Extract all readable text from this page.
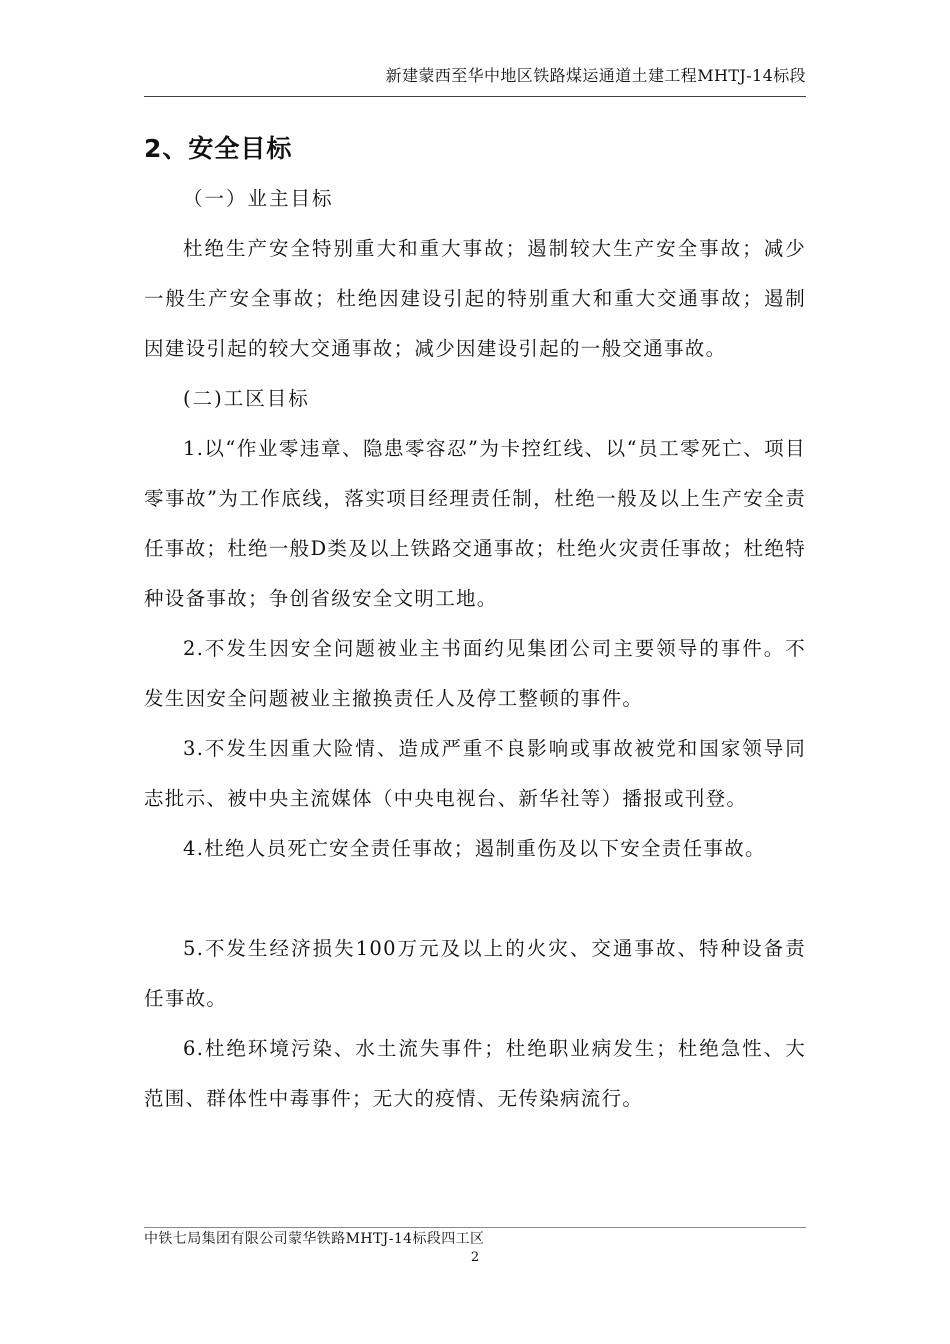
新建蒙西至华中地区铁路煤运通道土建工程MHTJ-14标段
2、安全目标

（一）业主目标

杜绝生产安全特别重大和重大事故；遏制较大生产安全事故；减少一般生产安全事故；杜绝因建设引起的特别重大和重大交通事故；遏制因建设引起的较大交通事故；减少因建设引起的一般交通事故。

(二)工区目标

1.以“作业零违章、隐患零容忍”为卡控红线、以“员工零死亡、项目零事故”为工作底线，落实项目经理责任制，杜绝一般及以上生产安全责任事故；杜绝一般D类及以上铁路交通事故；杜绝火灾责任事故；杜绝特种设备事故；争创省级安全文明工地。

2.不发生因安全问题被业主书面约见集团公司主要领导的事件。不发生因安全问题被业主撤换责任人及停工整顿的事件。

3.不发生因重大险情、造成严重不良影响或事故被党和国家领导同志批示、被中央主流媒体（中央电视台、新华社等）播报或刊登。

4.杜绝人员死亡安全责任事故；遏制重伤及以下安全责任事故。

5.不发生经济损失100万元及以上的火灾、交通事故、特种设备责任事故。

6.杜绝环境污染、水土流失事件；杜绝职业病发生；杜绝急性、大范围、群体性中毒事件；无大的疫情、无传染病流行。

中铁七局集团有限公司蒙华铁路MHTJ-14标段四工区
2
